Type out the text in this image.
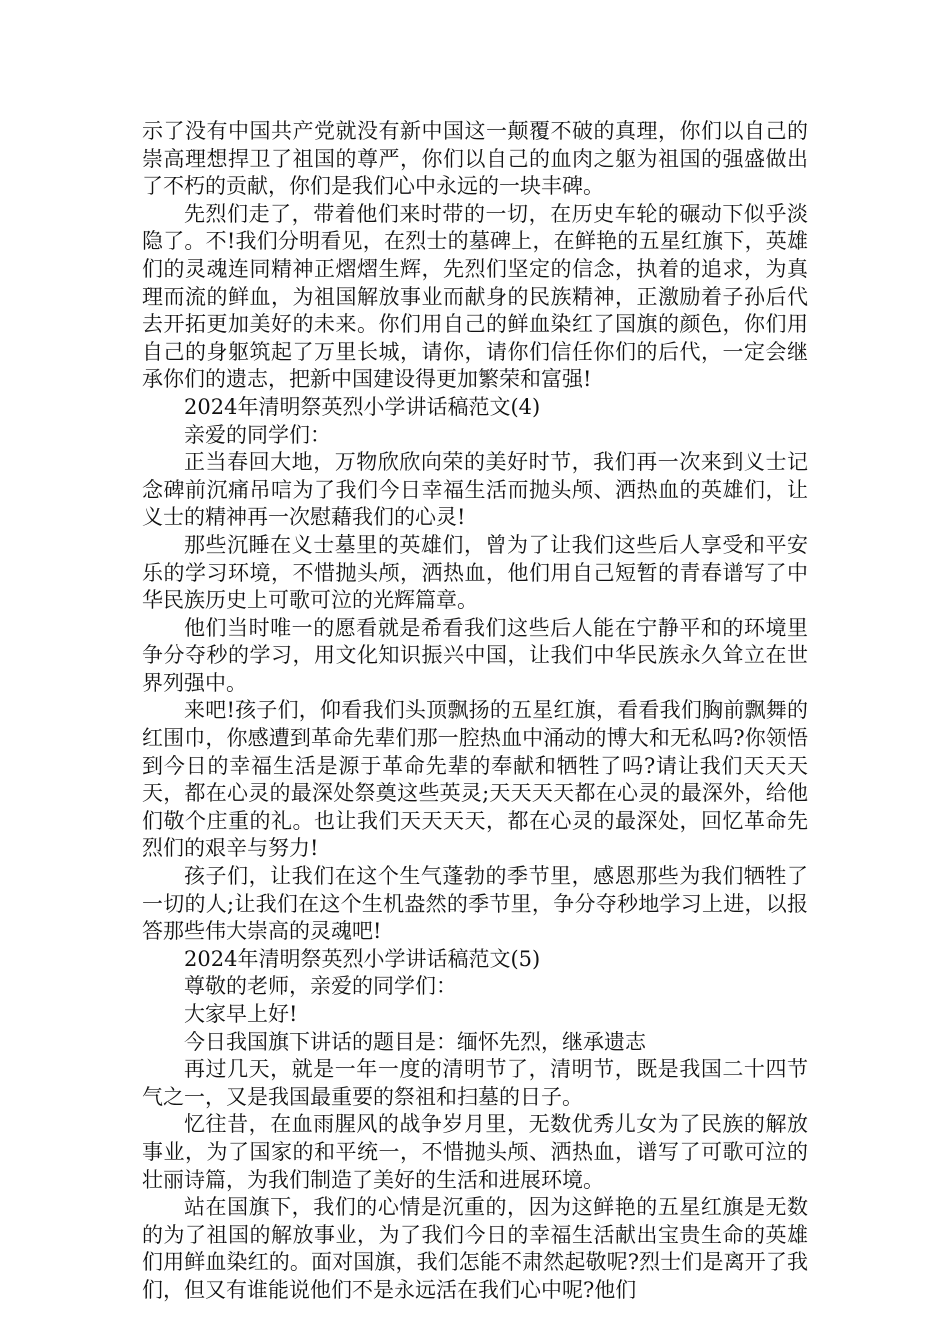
示了没有中国共产党就没有新中国这一颠覆不破的真理，你们以自己的崇高理想捍卫了祖国的尊严，你们以自己的血肉之躯为祖国的强盛做出了不朽的贡献，你们是我们心中永远的一块丰碑。

先烈们走了，带着他们来时带的一切，在历史车轮的碾动下似乎淡隐了。不!我们分明看见，在烈士的墓碑上，在鲜艳的五星红旗下，英雄们的灵魂连同精神正熠熠生辉，先烈们坚定的信念，执着的追求，为真理而流的鲜血，为祖国解放事业而献身的民族精神，正激励着子孙后代去开拓更加美好的未来。你们用自己的鲜血染红了国旗的颜色，你们用自己的身躯筑起了万里长城，请你，请你们信任你们的后代，一定会继承你们的遗志，把新中国建设得更加繁荣和富强!

2024年清明祭英烈小学讲话稿范文(4)

亲爱的同学们：

正当春回大地，万物欣欣向荣的美好时节，我们再一次来到义士记念碑前沉痛吊唁为了我们今日幸福生活而抛头颅、洒热血的英雄们，让义士的精神再一次慰藉我们的心灵!

那些沉睡在义士墓里的英雄们，曾为了让我们这些后人享受和平安乐的学习环境，不惜抛头颅，洒热血，他们用自己短暂的青春谱写了中华民族历史上可歌可泣的光辉篇章。

他们当时唯一的愿看就是希看我们这些后人能在宁静平和的环境里争分夺秒的学习，用文化知识振兴中国，让我们中华民族永久耸立在世界列强中。

来吧!孩子们，仰看我们头顶飘扬的五星红旗，看看我们胸前飘舞的红围巾，你感遭到革命先辈们那一腔热血中涌动的博大和无私吗?你领悟到今日的幸福生活是源于革命先辈的奉献和牺牲了吗?请让我们天天天天，都在心灵的最深处祭奠这些英灵;天天天天都在心灵的最深外，给他们敬个庄重的礼。也让我们天天天天，都在心灵的最深处，回忆革命先烈们的艰辛与努力!

孩子们，让我们在这个生气蓬勃的季节里，感恩那些为我们牺牲了一切的人;让我们在这个生机盎然的季节里，争分夺秒地学习上进，以报答那些伟大崇高的灵魂吧!

2024年清明祭英烈小学讲话稿范文(5)

尊敬的老师，亲爱的同学们：

大家早上好!

今日我国旗下讲话的题目是：缅怀先烈，继承遗志

再过几天，就是一年一度的清明节了，清明节，既是我国二十四节气之一，又是我国最重要的祭祖和扫墓的日子。

忆往昔，在血雨腥风的战争岁月里，无数优秀儿女为了民族的解放事业，为了国家的和平统一，不惜抛头颅、洒热血，谱写了可歌可泣的壮丽诗篇，为我们制造了美好的生活和进展环境。

站在国旗下，我们的心情是沉重的，因为这鲜艳的五星红旗是无数的为了祖国的解放事业，为了我们今日的幸福生活献出宝贵生命的英雄们用鲜血染红的。面对国旗，我们怎能不肃然起敬呢?烈士们是离开了我们，但又有谁能说他们不是永远活在我们心中呢?他们
